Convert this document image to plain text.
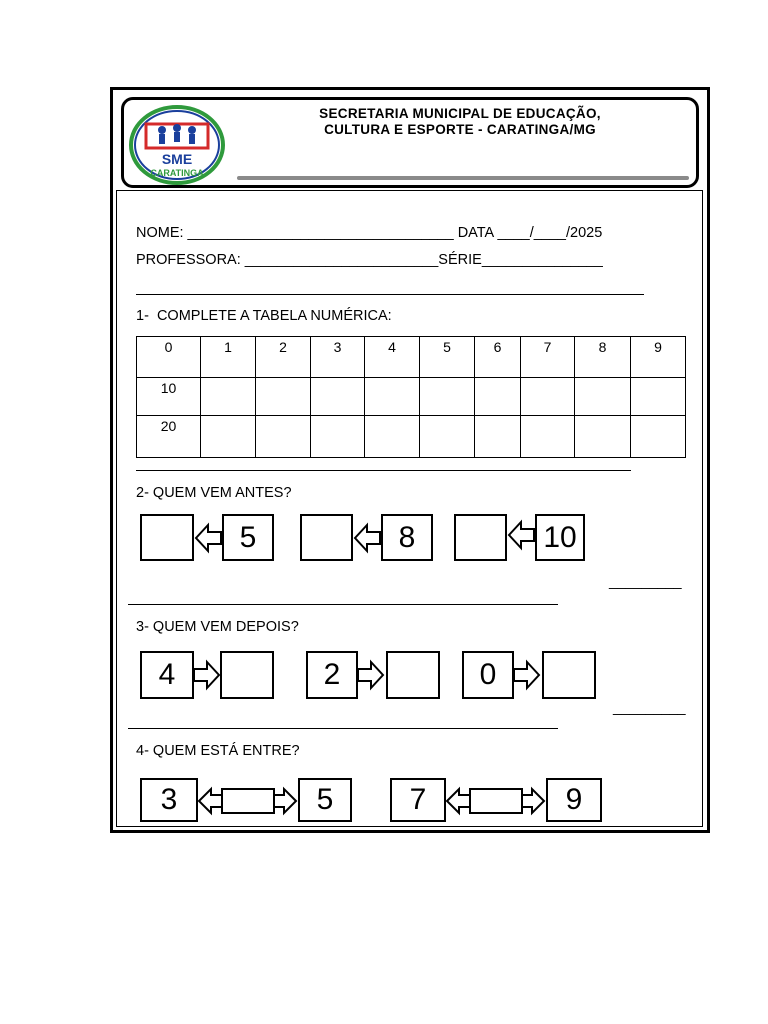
SME
CARATINGA
SECRETARIA MUNICIPAL DE EDUCAÇÃO,
CULTURA E ESPORTE - CARATINGA/MG
NOME: _________________________________ DATA ____/____/2025
PROFESSORA: ________________________SÉRIE_______________
1-  COMPLETE A TABELA NUMÉRICA:
0	1	2	3	4	5	6	7	8	9
10									
20									
2- QUEM VEM ANTES?
5	8	10
_________
3- QUEM VEM DEPOIS?
4	2	0
_________
4- QUEM ESTÁ ENTRE?
3	5	7	9
